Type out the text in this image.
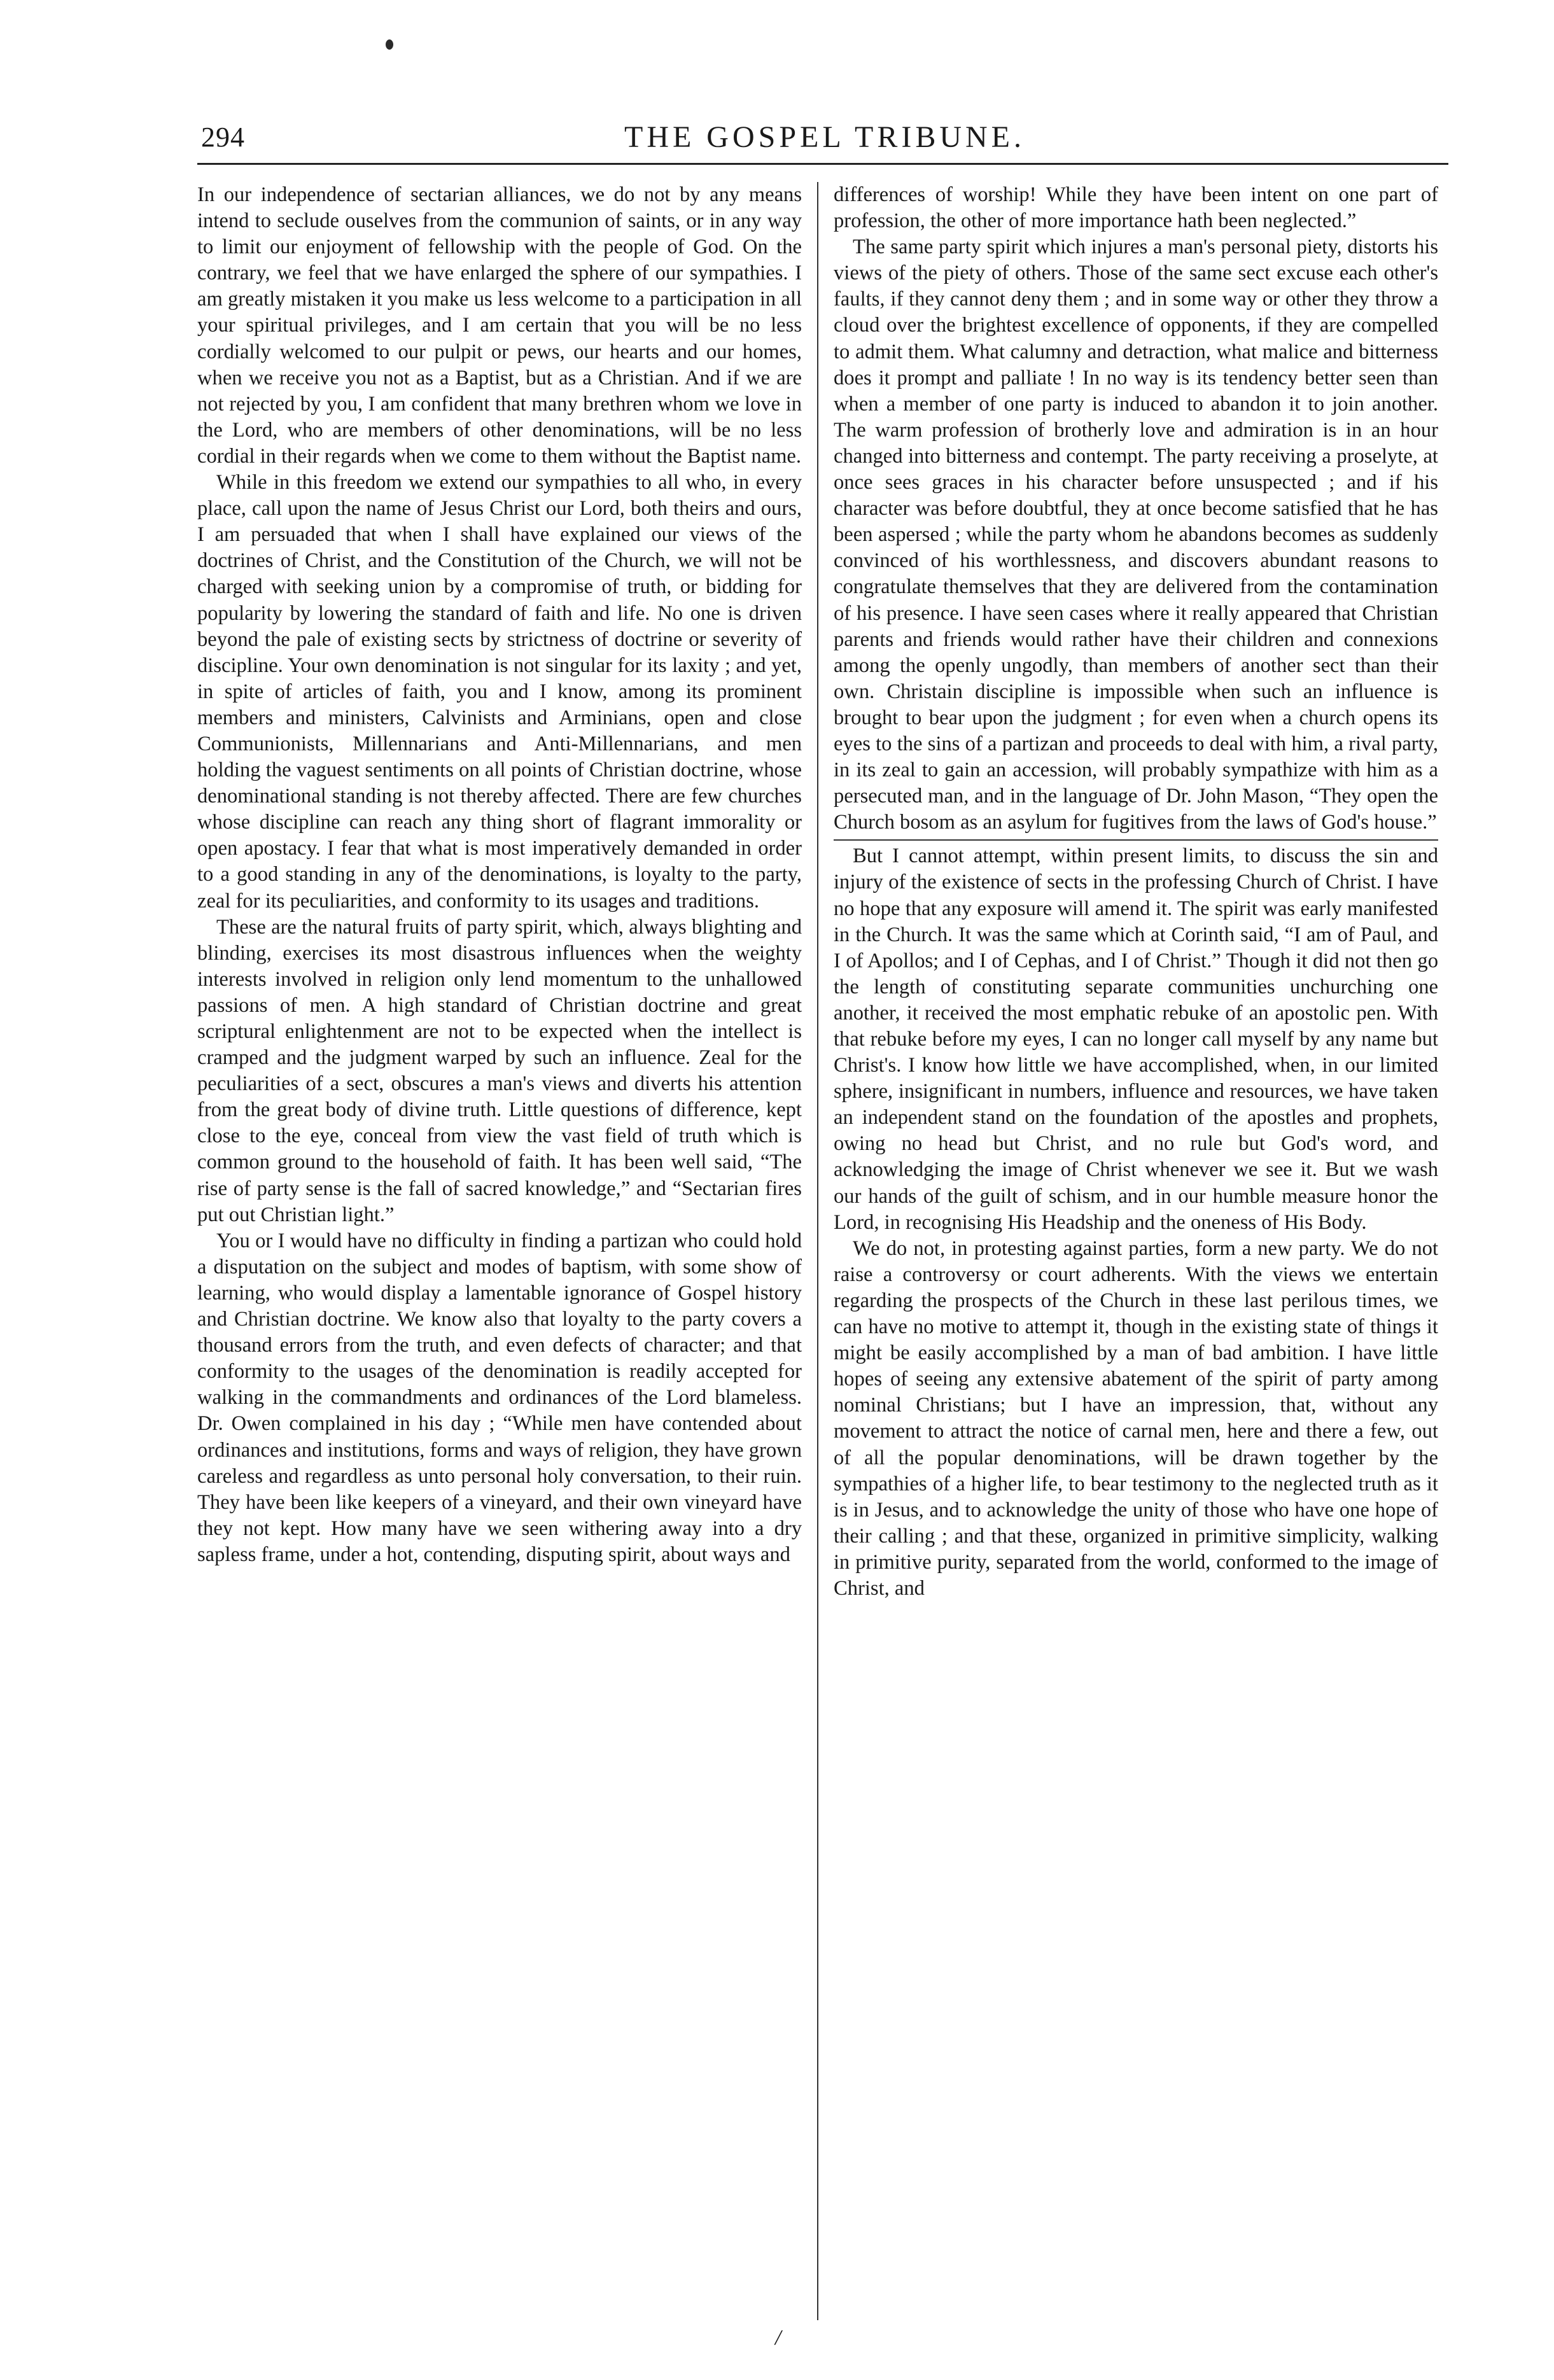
294	THE GOSPEL TRIBUNE.

In our independence of sectarian alliances, we do not by any means intend to seclude ouselves from the communion of saints, or in any way to limit our enjoyment of fellowship with the people of God. On the contrary, we feel that we have enlarged the sphere of our sympathies. I am greatly mistaken it you make us less welcome to a participation in all your spiritual privileges, and I am certain that you will be no less cordially welcomed to our pulpit or pews, our hearts and our homes, when we receive you not as a Baptist, but as a Christian. And if we are not rejected by you, I am confident that many brethren whom we love in the Lord, who are members of other denominations, will be no less cordial in their regards when we come to them without the Baptist name.

While in this freedom we extend our sympathies to all who, in every place, call upon the name of Jesus Christ our Lord, both theirs and ours, I am persuaded that when I shall have explained our views of the doctrines of Christ, and the Constitution of the Church, we will not be charged with seeking union by a compromise of truth, or bidding for popularity by lowering the standard of faith and life. No one is driven beyond the pale of existing sects by strictness of doctrine or severity of discipline. Your own denomination is not singular for its laxity ; and yet, in spite of articles of faith, you and I know, among its prominent members and ministers, Calvinists and Arminians, open and close Communionists, Millennarians and Anti-Millennarians, and men holding the vaguest sentiments on all points of Christian doctrine, whose denominational standing is not thereby affected. There are few churches whose discipline can reach any thing short of flagrant immorality or open apostacy. I fear that what is most imperatively demanded in order to a good standing in any of the denominations, is loyalty to the party, zeal for its peculiarities, and conformity to its usages and traditions.

These are the natural fruits of party spirit, which, always blighting and blinding, exercises its most disastrous influences when the weighty interests involved in religion only lend momentum to the unhallowed passions of men. A high standard of Christian doctrine and great scriptural enlightenment are not to be expected when the intellect is cramped and the judgment warped by such an influence. Zeal for the peculiarities of a sect, obscures a man's views and diverts his attention from the great body of divine truth. Little questions of difference, kept close to the eye, conceal from view the vast field of truth which is common ground to the household of faith. It has been well said, “The rise of party sense is the fall of sacred knowledge,” and “Sectarian fires put out Christian light.”

You or I would have no difficulty in finding a partizan who could hold a disputation on the subject and modes of baptism, with some show of learning, who would display a lamentable ignorance of Gospel history and Christian doctrine. We know also that loyalty to the party covers a thousand errors from the truth, and even defects of character; and that conformity to the usages of the denomination is readily accepted for walking in the commandments and ordinances of the Lord blameless. Dr. Owen complained in his day ; “While men have contended about ordinances and institutions, forms and ways of religion, they have grown careless and regardless as unto personal holy conversation, to their ruin. They have been like keepers of a vineyard, and their own vineyard have they not kept. How many have we seen withering away into a dry sapless frame, under a hot, contending, disputing spirit, about ways and

differences of worship! While they have been intent on one part of profession, the other of more importance hath been neglected.”

The same party spirit which injures a man's personal piety, distorts his views of the piety of others. Those of the same sect excuse each other's faults, if they cannot deny them ; and in some way or other they throw a cloud over the brightest excellence of opponents, if they are compelled to admit them. What calumny and detraction, what malice and bitterness does it prompt and palliate ! In no way is its tendency better seen than when a member of one party is induced to abandon it to join another. The warm profession of brotherly love and admiration is in an hour changed into bitterness and contempt. The party receiving a proselyte, at once sees graces in his character before unsuspected ; and if his character was before doubtful, they at once become satisfied that he has been aspersed ; while the party whom he abandons becomes as suddenly convinced of his worthlessness, and discovers abundant reasons to congratulate themselves that they are delivered from the contamination of his presence. I have seen cases where it really appeared that Christian parents and friends would rather have their children and connexions among the openly ungodly, than members of another sect than their own. Christain discipline is impossible when such an influence is brought to bear upon the judgment ; for even when a church opens its eyes to the sins of a partizan and proceeds to deal with him, a rival party, in its zeal to gain an accession, will probably sympathize with him as a persecuted man, and in the language of Dr. John Mason, “They open the Church bosom as an asylum for fugitives from the laws of God's house.”

But I cannot attempt, within present limits, to discuss the sin and injury of the existence of sects in the professing Church of Christ. I have no hope that any exposure will amend it. The spirit was early manifested in the Church. It was the same which at Corinth said, “I am of Paul, and I of Apollos; and I of Cephas, and I of Christ.” Though it did not then go the length of constituting separate communities unchurching one another, it received the most emphatic rebuke of an apostolic pen. With that rebuke before my eyes, I can no longer call myself by any name but Christ's. I know how little we have accomplished, when, in our limited sphere, insignificant in numbers, influence and resources, we have taken an independent stand on the foundation of the apostles and prophets, owing no head but Christ, and no rule but God's word, and acknowledging the image of Christ whenever we see it. But we wash our hands of the guilt of schism, and in our humble measure honor the Lord, in recognising His Headship and the oneness of His Body.

We do not, in protesting against parties, form a new party. We do not raise a controversy or court adherents. With the views we entertain regarding the prospects of the Church in these last perilous times, we can have no motive to attempt it, though in the existing state of things it might be easily accomplished by a man of bad ambition. I have little hopes of seeing any extensive abatement of the spirit of party among nominal Christians; but I have an impression, that, without any movement to attract the notice of carnal men, here and there a few, out of all the popular denominations, will be drawn together by the sympathies of a higher life, to bear testimony to the neglected truth as it is in Jesus, and to acknowledge the unity of those who have one hope of their calling ; and that these, organized in primitive simplicity, walking in primitive purity, separated from the world, conformed to the image of Christ, and

/
